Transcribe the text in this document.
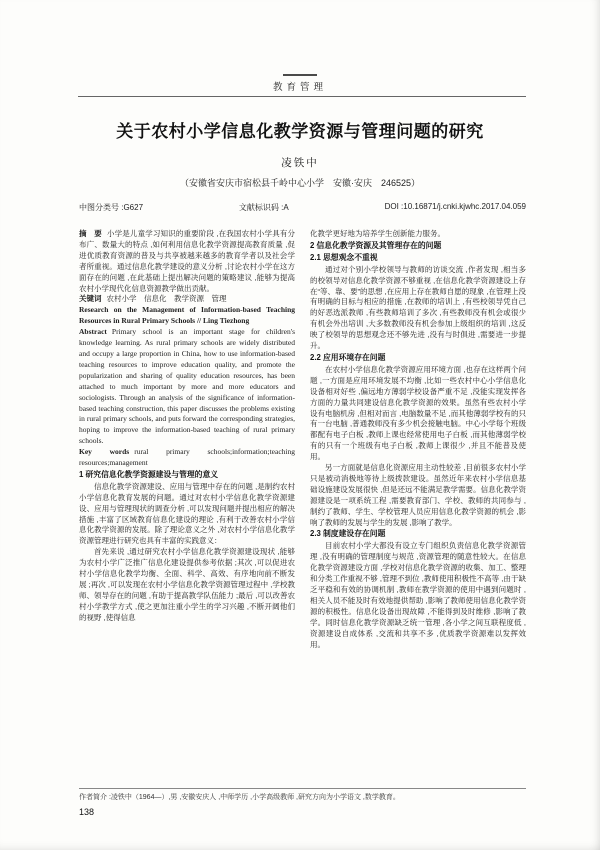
教育管理
关于农村小学信息化教学资源与管理问题的研究
凌铁中
（安徽省安庆市宿松县千岭中心小学　安徽·安庆　246525）
中图分类号 :G627	文献标识码 :A	DOI :10.16871/j.cnki.kjwhc.2017.04.059

摘　要 小学是儿童学习知识的重要阶段 ,在我国农村小学具有分布广、数量大的特点 ,如何利用信息化教学资源提高教育质量 ,促进优质教育资源的普及与共享被越来越多的教育学者以及社会学者所重视。通过信息化教学建设的意义分析 ,讨论农村小学在这方面存在的问题 ,在此基础上提出解决问题的策略建议 ,能够为提高农村小学现代化信息资源教学做出贡献。

关键词 农村小学　信息化　教学资源　管理

Research on the Management of Information-based Teaching Resources in Rural Primary Schools // Ling Tiezhong

Abstract Primary school is an important stage for children's knowledge learning. As rural primary schools are widely distributed and occupy a large proportion in China, how to use information-based teaching resources to improve education quality, and promote the popularization and sharing of quality education resources, has been attached to much important by more and more educators and sociologists. Through an analysis of the significance of information-based teaching construction, this paper discusses the problems existing in rural primary schools, and puts forward the corresponding strategies, hoping to improve the information-based teaching of rural primary schools.

Key words rural primary schools;information;teaching resources;management

1 研究信息化教学资源建设与管理的意义

信息化教学资源建设、应用与管理中存在的问题 ,是制约农村小学信息化教育发展的问题。通过对农村小学信息化教学资源建设、应用与管理现状的调查分析 ,可以发现问题并提出相应的解决措施 ,丰富了区域教育信息化建设的理论 ,有利于改善农村小学信息化教学资源的发展。除了理论意义之外 ,对农村小学信息化教学资源管理进行研究也具有丰富的实践意义：

首先来说 ,通过研究农村小学信息化教学资源建设现状 ,能够为农村小学广泛推广信息化建设提供参考依据 ;其次 ,可以促进农村小学信息化教学均衡、全面、科学、高效、有序地向前不断发展 ;再次 ,可以发现在农村小学信息化教学资源管理过程中 ,学校教师、领导存在的问题 ,有助于提高教学队伍能力 ;最后 ,可以改善农村小学教学方式 ,使之更加注重小学生的学习兴趣 ,不断开阔他们的视野 ,使得信息

化教学更好地为培养学生创新能力服务。

2 信息化教学资源及其管理存在的问题

2.1 思想观念不重视

通过对个别小学校领导与教师的访谈交流 ,作者发现 ,相当多的校领导对信息化教学资源不够重视 ,在信息化教学资源建设上存在“等、靠、要”的思想 ,在应用上存在教师自愿的现象 ,在管理上没有明确的目标与相应的措施 ,在教师的培训上 ,有些校领导凭自己的好恶选派教师 ,有些教师培训了多次 ,有些教师没有机会或很少有机会外出培训 ,大多数教师没有机会参加上级组织的培训 ,这反映了校领导的思想观念还不够先进 ,没有与时俱进 ,需要进一步提升。

2.2 应用环境存在问题

在农村小学信息化教学资源应用环境方面 ,也存在这样两个问题 ,一方面是应用环境发展不均衡 ,比如一些农村中心小学信息化设备相对好些 ,偏远地方薄弱学校设备严重不足 ,没能实现发挥各方面的力量共同建设信息化教学资源的效果。虽然有些农村小学设有电脑机房 ,但相对而言 ,电脑数量不足 ,而其他薄弱学校有的只有一台电脑 ,普通教师没有多少机会接触电脑。中心小学每个班级都配有电子白板 ,教师上课也经常使用电子白板 ,而其他薄弱学校有的只有一个班级有电子白板 ,教师上课很少 ,并且不能普及使用。

另一方面就是信息化资源应用主动性较差 ,目前很多农村小学只是被动消极地等待上级拨款建设。虽然近年来农村小学信息基础设施建设发展很快 ,但是还远不能满足教学需要。信息化教学资源建设是一项系统工程 ,需要教育部门、学校、教师的共同参与 ,制约了教师、学生、学校管理人员应用信息化教学资源的机会 ,影响了教师的发展与学生的发展 ,影响了教学。

2.3 制度建设存在问题

目前农村小学大都没有设立专门组织负责信息化教学资源管理 ,没有明确的管理制度与规范 ,资源管理的随意性较大。在信息化教学资源建设方面 ,学校对信息化教学资源的收集、加工、整理和分类工作重视不够 ,管理不到位 ,教师使用积极性不高等 ,由于缺乏平稳和有效的协调机制 ,教师在教学资源的使用中遇到问题时 ,相关人员不能及时有效地提供帮助 ,影响了教师使用信息化教学资源的积极性。信息化设备出现故障 ,不能得到及时维修 ,影响了教学。同时信息化教学资源缺乏统一管理 ,各小学之间互联程度低 ,资源建设自成体系 ,交流和共享不多 ,优质教学资源难以发挥效用。

作者简介 :凌铁中（1964—）,男 ,安徽安庆人 ,中师学历 ,小学高级教师 ,研究方向为小学语文 ,数学教育。
138
